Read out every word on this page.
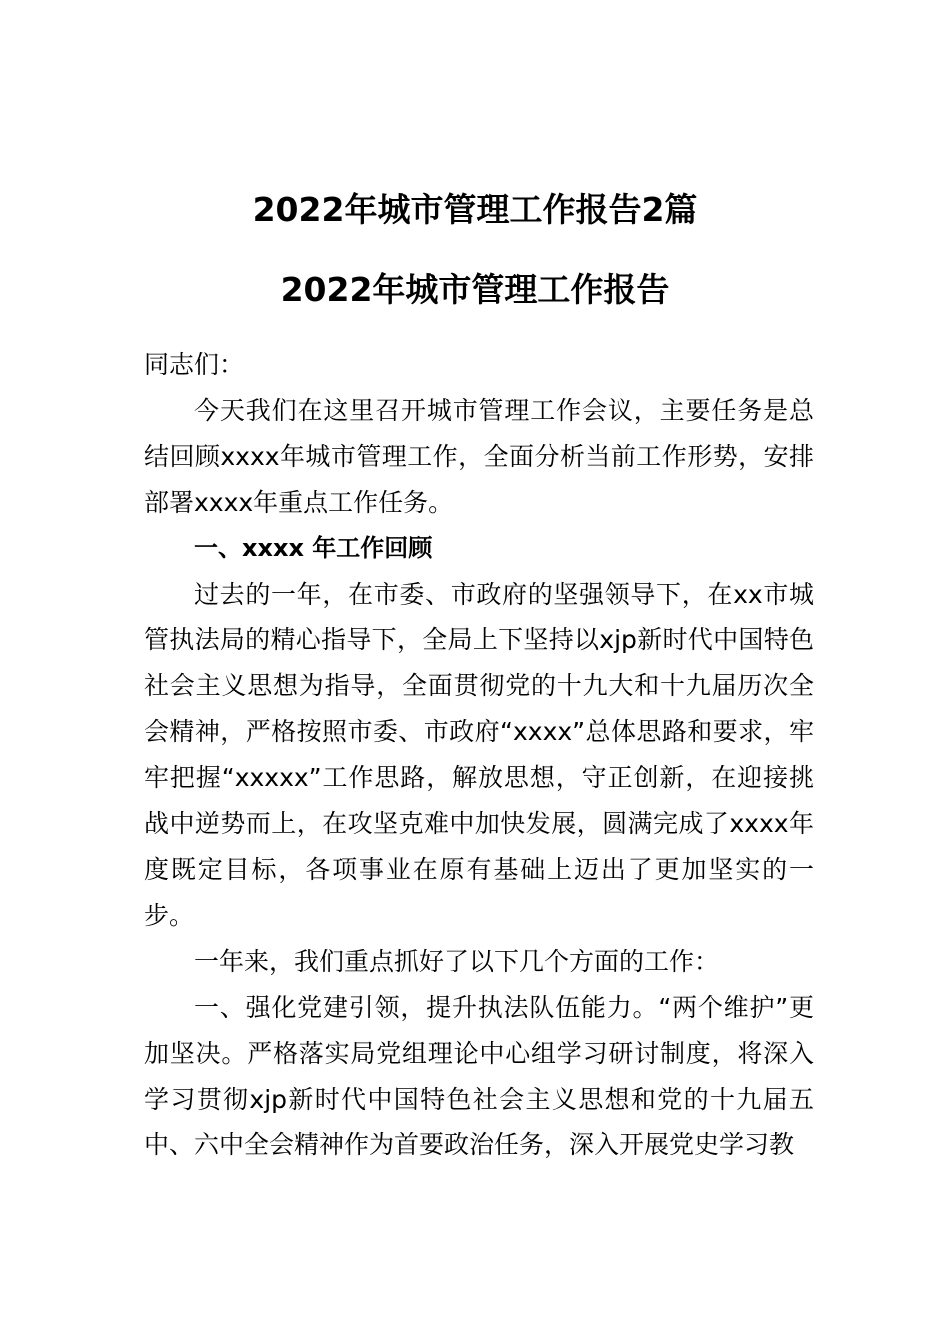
2022年城市管理工作报告2篇
2022年城市管理工作报告

同志们：

今天我们在这里召开城市管理工作会议，主要任务是总结回顾xxxx年城市管理工作，全面分析当前工作形势，安排部署xxxx年重点工作任务。

一、xxxx 年工作回顾

过去的一年，在市委、市政府的坚强领导下，在xx市城管执法局的精心指导下，全局上下坚持以xjp新时代中国特色社会主义思想为指导，全面贯彻党的十九大和十九届历次全会精神，严格按照市委、市政府“xxxx”总体思路和要求，牢牢把握“xxxxx”工作思路，解放思想，守正创新，在迎接挑战中逆势而上，在攻坚克难中加快发展，圆满完成了xxxx年度既定目标，各项事业在原有基础上迈出了更加坚实的一步。

一年来，我们重点抓好了以下几个方面的工作：

一、强化党建引领，提升执法队伍能力。“两个维护”更加坚决。严格落实局党组理论中心组学习研讨制度，将深入学习贯彻xjp新时代中国特色社会主义思想和党的十九届五中、六中全会精神作为首要政治任务，深入开展党史学习教
